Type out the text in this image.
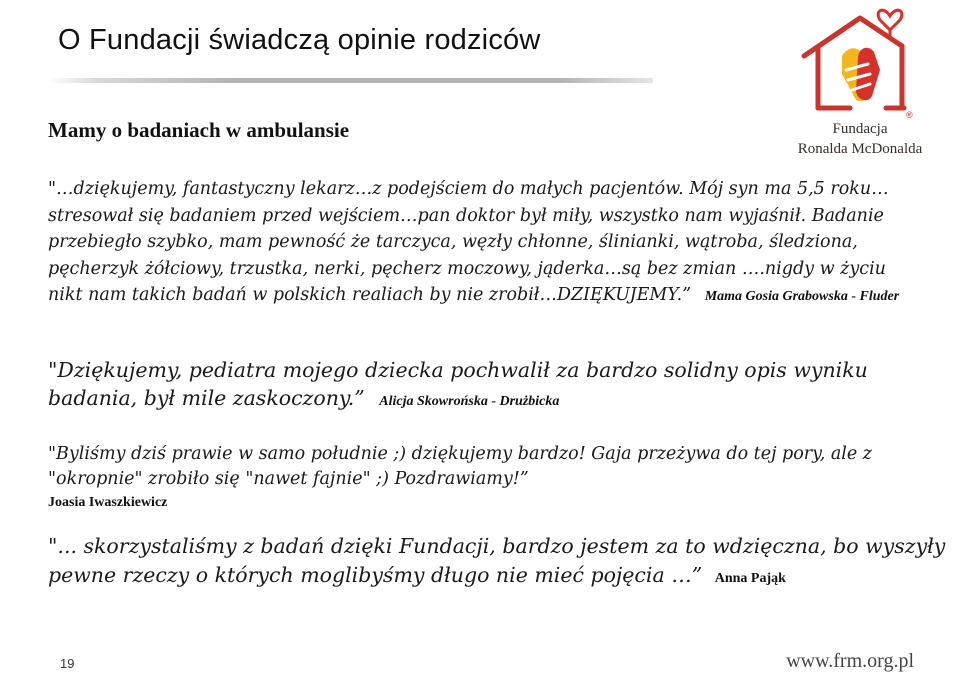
O Fundacji świadczą opinie rodziców
®
Fundacja
Ronalda McDonalda
Mamy o badaniach w ambulansie

"…dziękujemy, fantastyczny lekarz…z podejściem do małych pacjentów. Mój syn ma 5,5 roku…stresował się badaniem przed wejściem…pan doktor był miły, wszystko nam wyjaśnił. Badanie przebiegło szybko, mam pewność że tarczyca, węzły chłonne, ślinianki, wątroba, śledziona, pęcherzyk żółciowy, trzustka, nerki, pęcherz moczowy, jąderka…są bez zmian ….nigdy w życiu nikt nam takich badań w polskich realiach by nie zrobił…DZIĘKUJEMY.” Mama Gosia Grabowska - Fluder

"Dziękujemy, pediatra mojego dziecka pochwalił za bardzo solidny opis wyniku badania, był mile zaskoczony.” Alicja Skowrońska - Drużbicka

"Byliśmy dziś prawie w samo południe ;) dziękujemy bardzo! Gaja przeżywa do tej pory, ale z "okropnie" zrobiło się "nawet fajnie" ;) Pozdrawiamy!”
Joasia Iwaszkiewicz

"... skorzystaliśmy z badań dzięki Fundacji, bardzo jestem za to wdzięczna, bo wyszyły pewne rzeczy o których moglibyśmy długo nie mieć pojęcia …” Anna Pająk

19	www.frm.org.pl
